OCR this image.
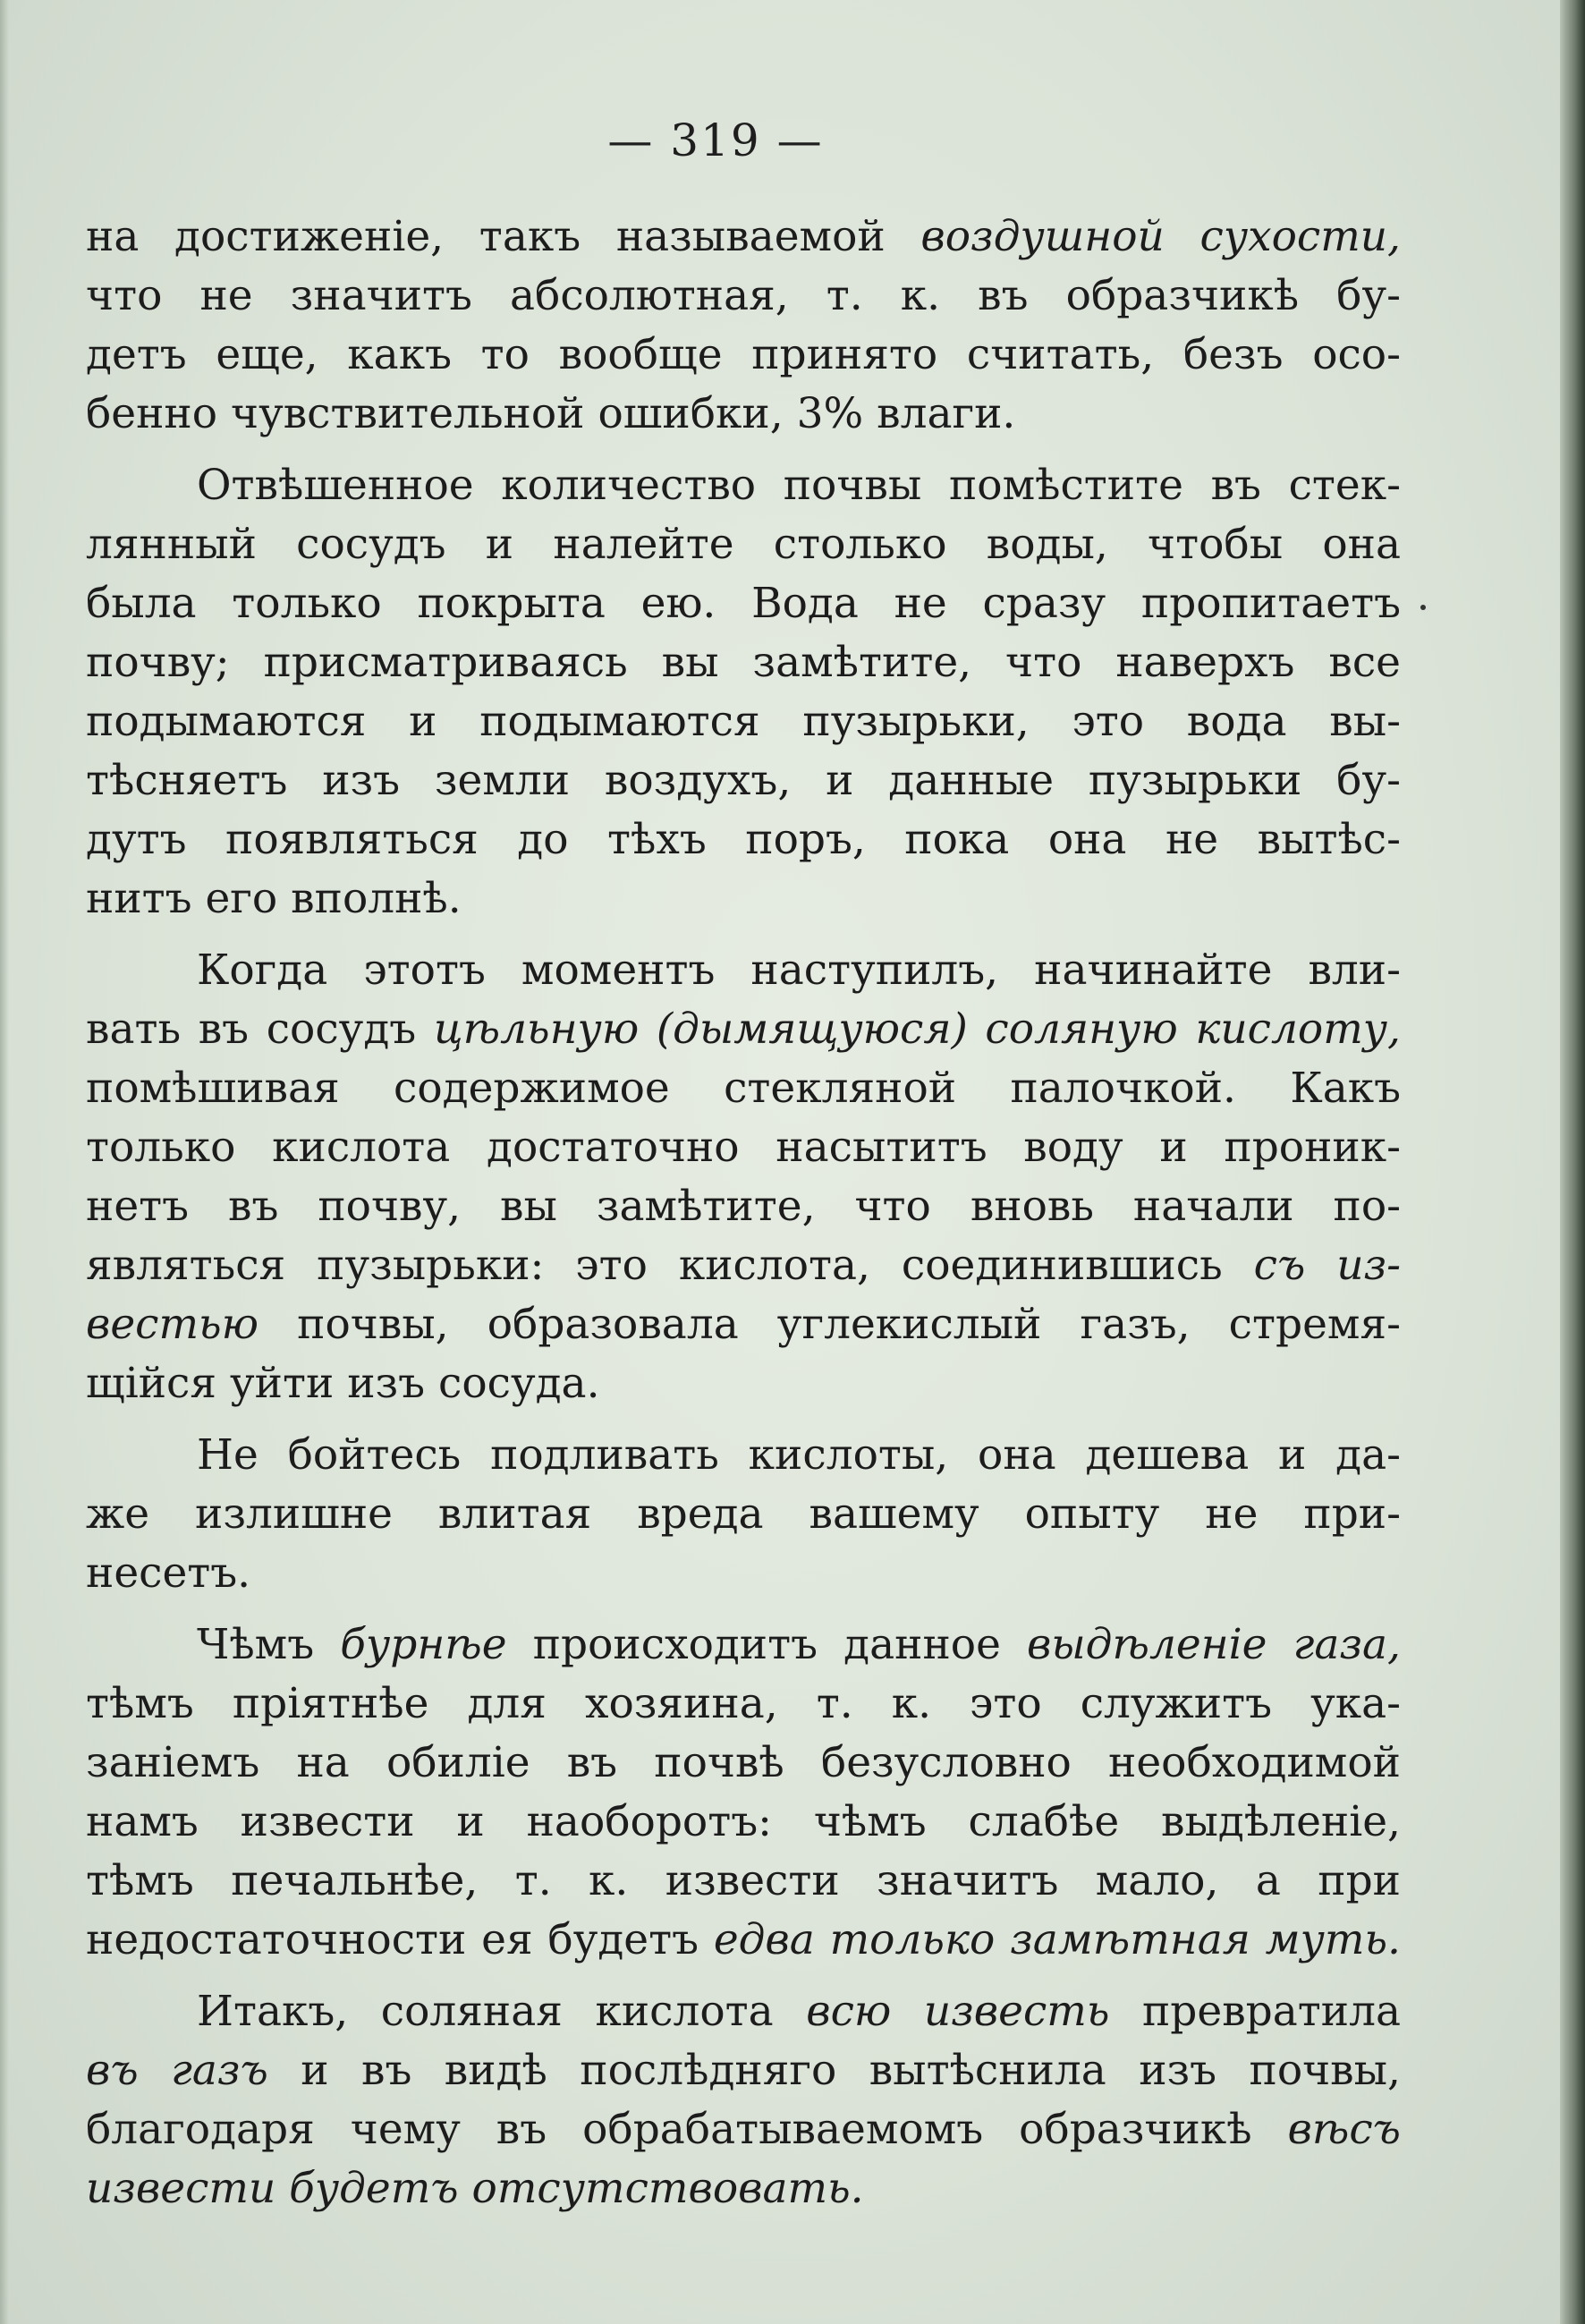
— 319 —
на достиженіе, такъ называемой воздушной сухости,
что не значитъ абсолютная, т. к. въ образчикѣ бу-
детъ еще, какъ то вообще принято считать, безъ осо-
бенно чувствительной ошибки, 3% влаги.
Отвѣшенное количество почвы помѣстите въ стек-
лянный сосудъ и налейте столько воды, чтобы она
была только покрыта ею. Вода не сразу пропитаетъ
почву; присматриваясь вы замѣтите, что наверхъ все
подымаются и подымаются пузырьки, это вода вы-
тѣсняетъ изъ земли воздухъ, и данные пузырьки бу-
дутъ появляться до тѣхъ поръ, пока она не вытѣс-
нитъ его вполнѣ.
Когда этотъ моментъ наступилъ, начинайте вли-
вать въ сосудъ цѣльную (дымящуюся) соляную кислоту,
помѣшивая содержимое стекляной палочкой. Какъ
только кислота достаточно насытитъ воду и проник-
нетъ въ почву, вы замѣтите, что вновь начали по-
являться пузырьки: это кислота, соединившись съ из-
вестью почвы, образовала углекислый газъ, стремя-
щійся уйти изъ сосуда.
Не бойтесь подливать кислоты, она дешева и да-
же излишне влитая вреда вашему опыту не при-
несетъ.
Чѣмъ бурнѣе происходитъ данное выдѣленіе газа,
тѣмъ пріятнѣе для хозяина, т. к. это служитъ ука-
заніемъ на обиліе въ почвѣ безусловно необходимой
намъ извести и наоборотъ: чѣмъ слабѣе выдѣленіе,
тѣмъ печальнѣе, т. к. извести значитъ мало, а при
недостаточности ея будетъ едва только замѣтная муть.
Итакъ, соляная кислота всю известь превратила
въ газъ и въ видѣ послѣдняго вытѣснила изъ почвы,
благодаря чему въ обрабатываемомъ образчикѣ вѣсъ
извести будетъ отсутствовать.
